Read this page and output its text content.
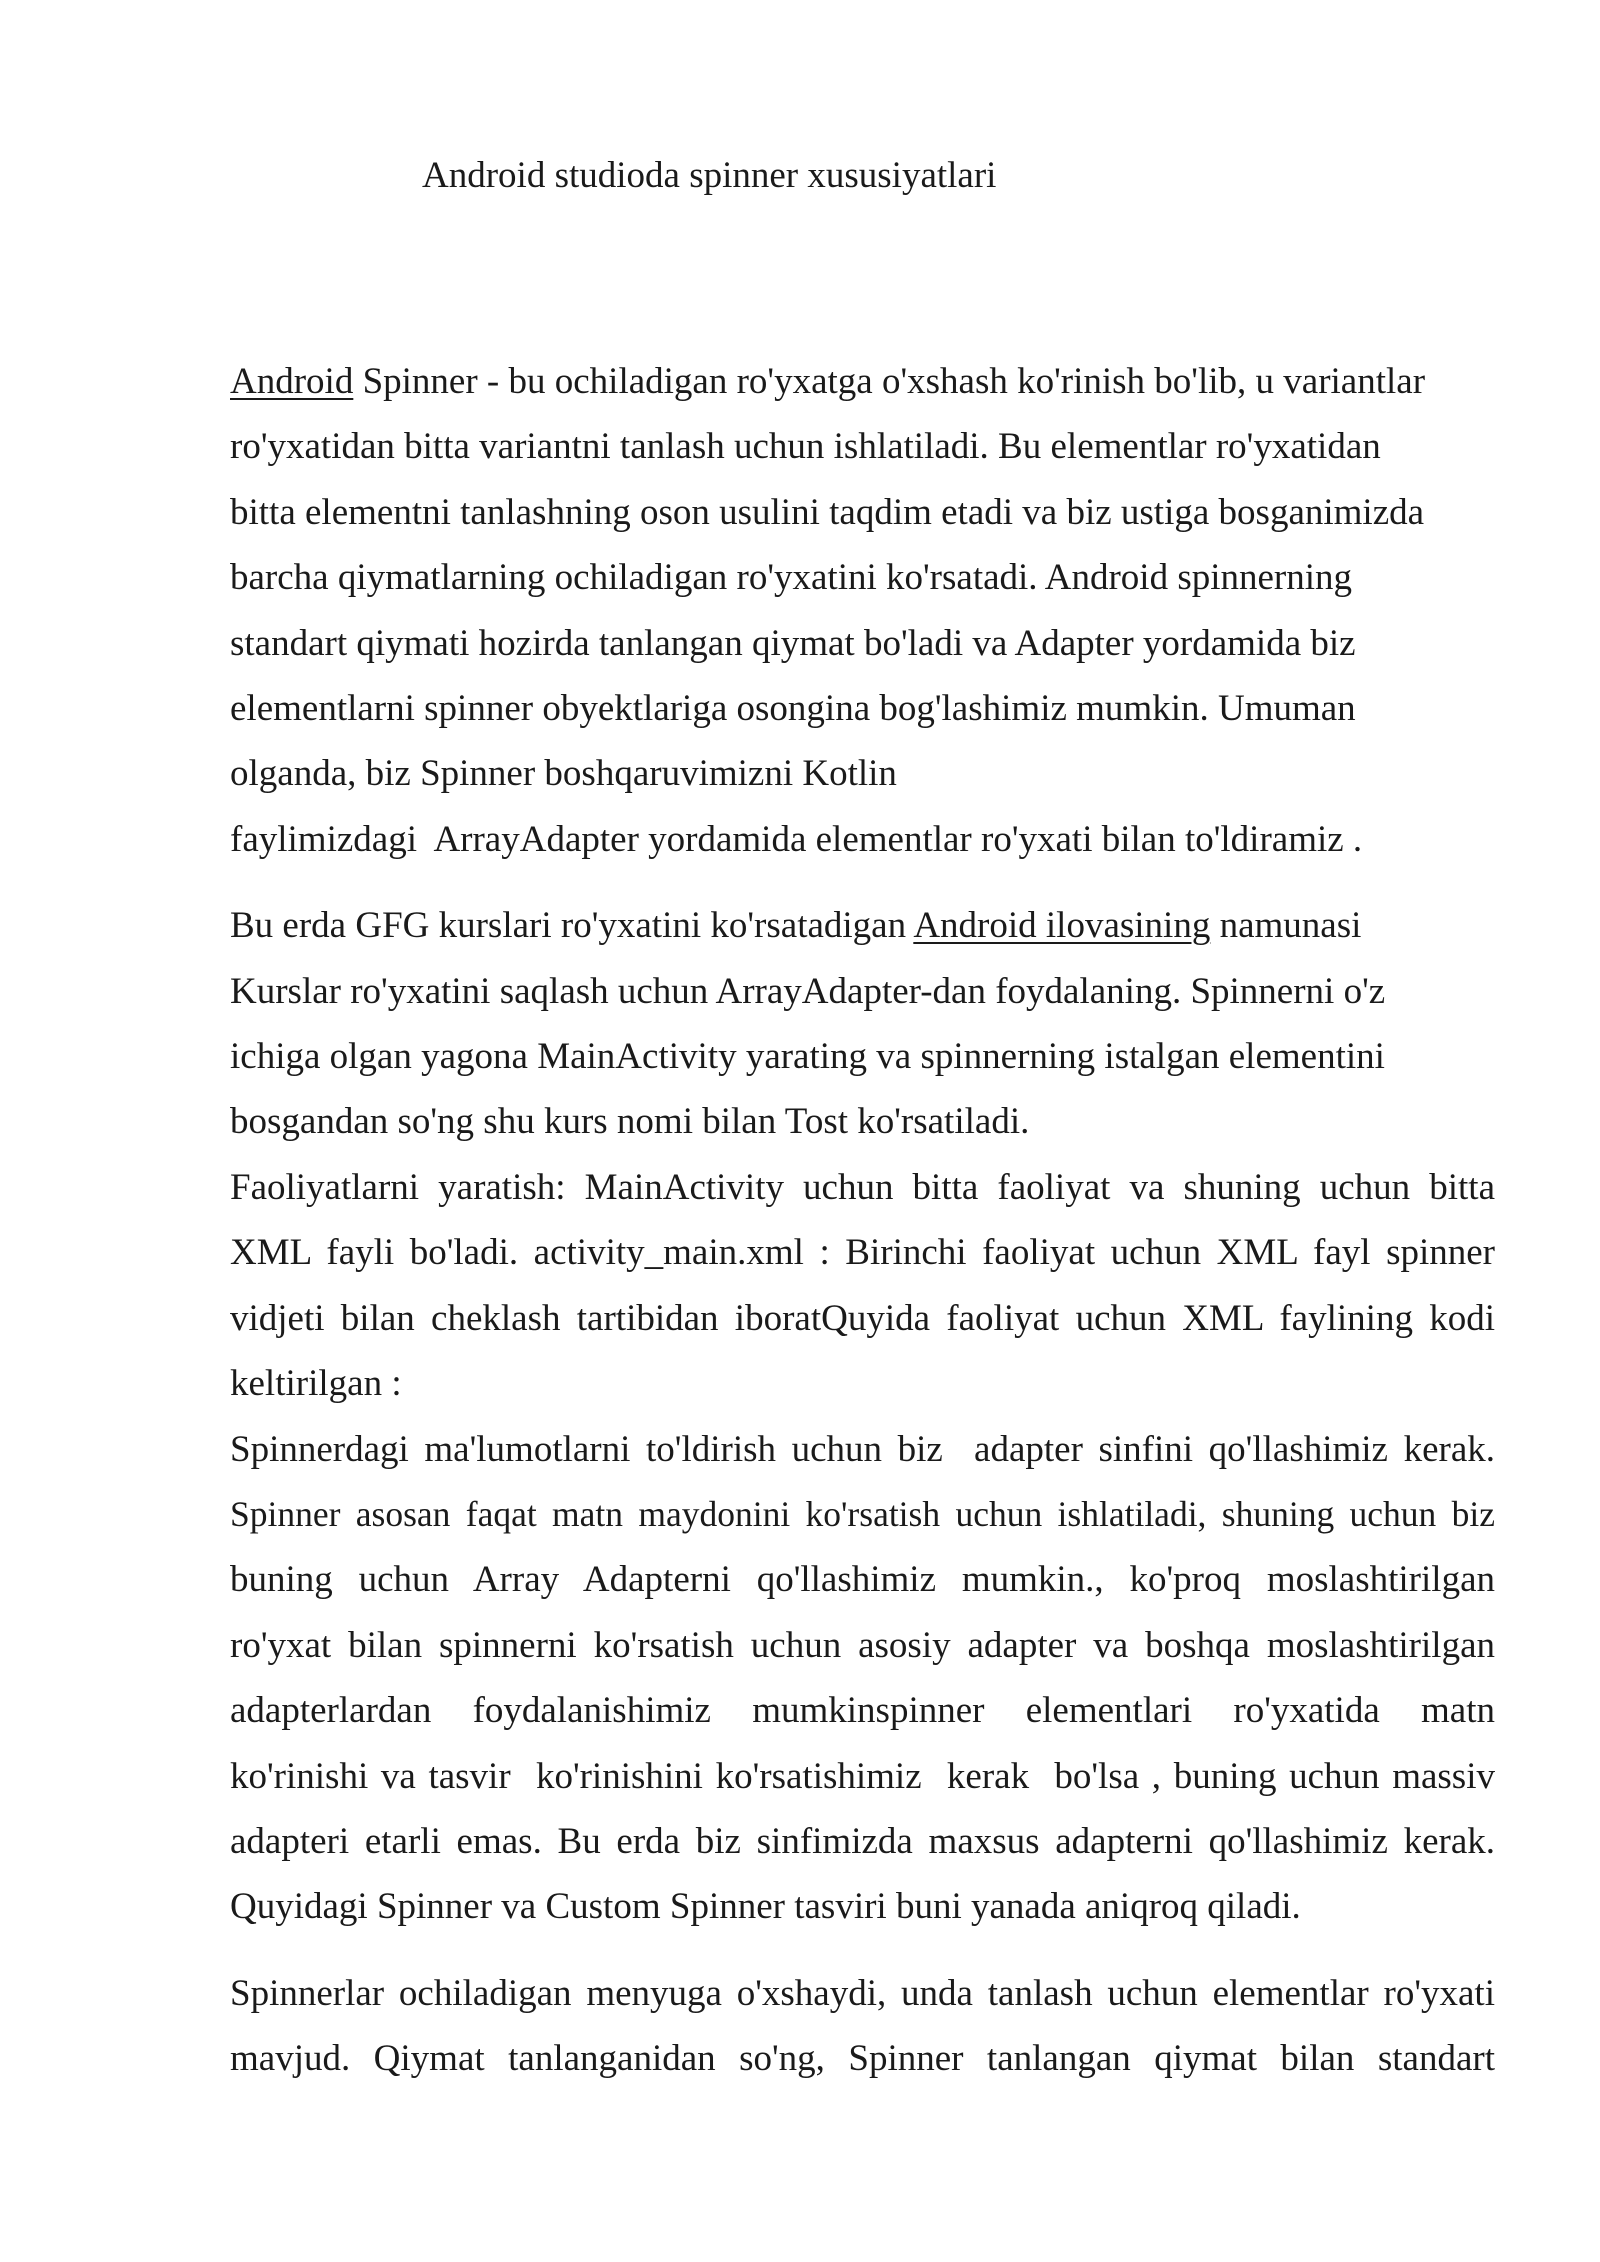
Android studioda spinner xususiyatlari
Android Spinner - bu ochiladigan ro'yxatga o'xshash ko'rinish bo'lib, u variantlar
ro'yxatidan bitta variantni tanlash uchun ishlatiladi. Bu elementlar ro'yxatidan
bitta elementni tanlashning oson usulini taqdim etadi va biz ustiga bosganimizda
barcha qiymatlarning ochiladigan ro'yxatini ko'rsatadi. Android spinnerning
standart qiymati hozirda tanlangan qiymat bo'ladi va Adapter yordamida biz
elementlarni spinner obyektlariga osongina bog'lashimiz mumkin. Umuman
olganda, biz Spinner boshqaruvimizni Kotlin
faylimizdagi  ArrayAdapter yordamida elementlar ro'yxati bilan to'ldiramiz .
Bu erda GFG kurslari ro'yxatini ko'rsatadigan Android ilovasining namunasi
Kurslar ro'yxatini saqlash uchun ArrayAdapter-dan foydalaning. Spinnerni o'z
ichiga olgan yagona MainActivity yarating va spinnerning istalgan elementini
bosgandan so'ng shu kurs nomi bilan Tost ko'rsatiladi.
Faoliyatlarni yaratish: MainActivity uchun bitta faoliyat va shuning uchun bitta
XML fayli bo'ladi. activity_main.xml : Birinchi faoliyat uchun XML fayl spinner
vidjeti bilan cheklash tartibidan iboratQuyida faoliyat uchun XML faylining kodi
keltirilgan :
Spinnerdagi ma'lumotlarni to'ldirish uchun biz  adapter sinfini qo'llashimiz kerak.
Spinner asosan faqat matn maydonini ko'rsatish uchun ishlatiladi, shuning uchun biz
buning uchun Array Adapterni qo'llashimiz mumkin., ko'proq moslashtirilgan
ro'yxat bilan spinnerni ko'rsatish uchun asosiy adapter va boshqa moslashtirilgan
adapterlardan foydalanishimiz mumkinspinner elementlari ro'yxatida matn
ko'rinishi va tasvir  ko'rinishini ko'rsatishimiz  kerak  bo'lsa , buning uchun massiv
adapteri etarli emas. Bu erda biz sinfimizda maxsus adapterni qo'llashimiz kerak.
Quyidagi Spinner va Custom Spinner tasviri buni yanada aniqroq qiladi.
Spinnerlar ochiladigan menyuga o'xshaydi, unda tanlash uchun elementlar ro'yxati
mavjud. Qiymat tanlanganidan so'ng, Spinner tanlangan qiymat bilan standart
